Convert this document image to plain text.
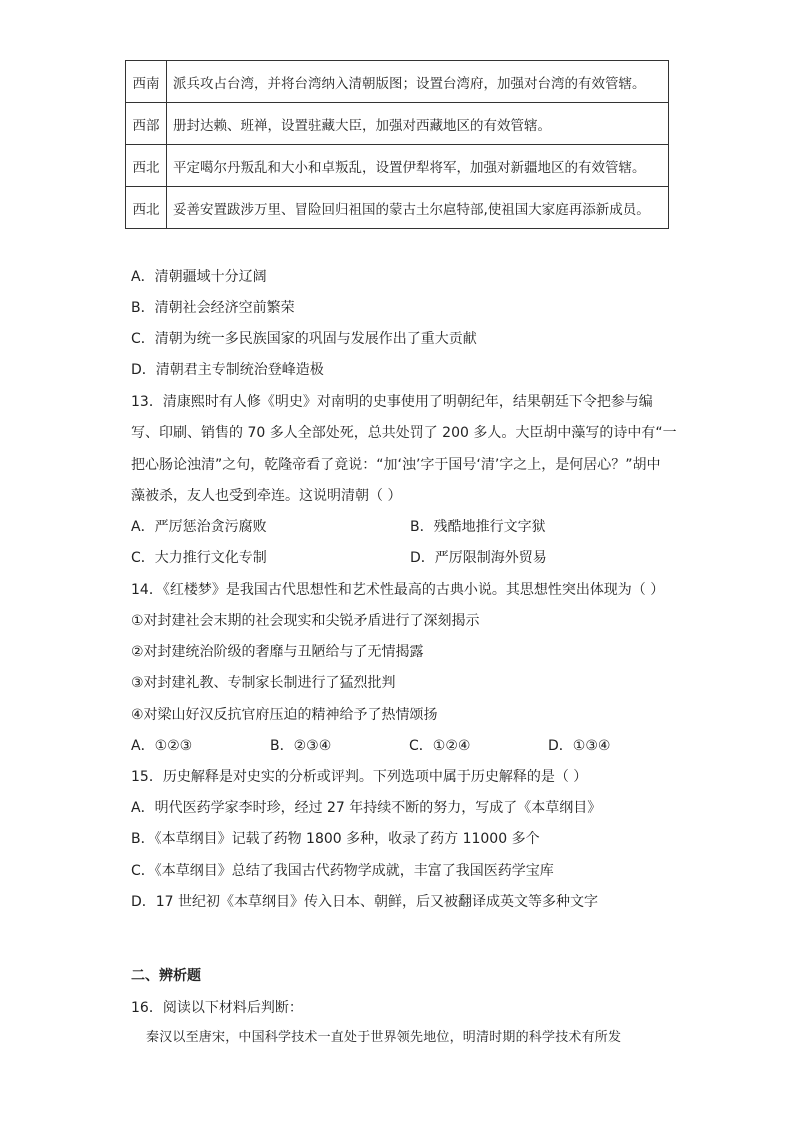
西南	派兵攻占台湾，并将台湾纳入清朝版图；设置台湾府，加强对台湾的有效管辖。
西部	册封达赖、班禅，设置驻藏大臣，加强对西藏地区的有效管辖。
西北	平定噶尔丹叛乱和大小和卓叛乱，设置伊犁将军，加强对新疆地区的有效管辖。
西北	妥善安置跋涉万里、冒险回归祖国的蒙古土尔扈特部,使祖国大家庭再添新成员。
A．清朝疆域十分辽阔
B．清朝社会经济空前繁荣
C．清朝为统一多民族国家的巩固与发展作出了重大贡献
D．清朝君主专制统治登峰造极
13．清康熙时有人修《明史》对南明的史事使用了明朝纪年，结果朝廷下令把参与编
写、印刷、销售的 70 多人全部处死，总共处罚了 200 多人。大臣胡中藻写的诗中有“一
把心肠论浊清”之句，乾隆帝看了竟说：“加‘浊’字于国号‘清’字之上，是何居心？”胡中
藻被杀，友人也受到牵连。这说明清朝（ ）
A．严厉惩治贪污腐败	B．残酷地推行文字狱
C．大力推行文化专制	D．严厉限制海外贸易
14．《红楼梦》是我国古代思想性和艺术性最高的古典小说。其思想性突出体现为（ ）
①对封建社会末期的社会现实和尖锐矛盾进行了深刻揭示
②对封建统治阶级的奢靡与丑陋给与了无情揭露
③对封建礼教、专制家长制进行了猛烈批判
④对梁山好汉反抗官府压迫的精神给予了热情颂扬
A．①②③	B．②③④	C．①②④	D．①③④
15．历史解释是对史实的分析或评判。下列选项中属于历史解释的是（ ）
A．明代医药学家李时珍，经过 27 年持续不断的努力，写成了《本草纲目》
B．《本草纲目》记载了药物 1800 多种，收录了药方 11000 多个
C．《本草纲目》总结了我国古代药物学成就，丰富了我国医药学宝库
D．17 世纪初《本草纲目》传入日本、朝鲜，后又被翻译成英文等多种文字
二、辨析题
16．阅读以下材料后判断：
秦汉以至唐宋，中国科学技术一直处于世界领先地位，明清时期的科学技术有所发
